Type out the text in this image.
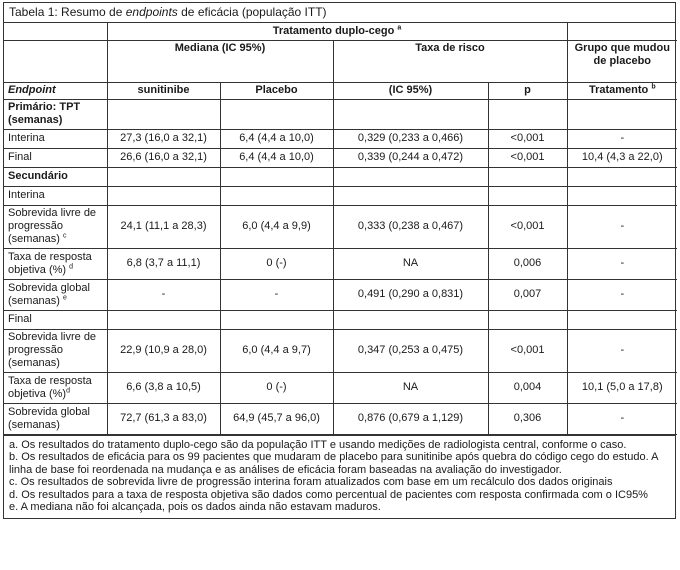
Tabela 1: Resumo de endpoints de eficácia (população ITT)
	Tratamento duplo-cego $^a$	
	Mediana (IC 95%)		Taxa de risco		Grupo que mudou de placebo
Endpoint	sunitinibe	Placebo	(IC 95%)	p	Tratamento $^b$
Primário: TPT (semanas)					
Interina	27,3 (16,0 a 32,1)	6,4 (4,4 a 10,0)	0,329 (0,233 a 0,466)	<0,001	-
Final	26,6 (16,0 a 32,1)	6,4 (4,4 a 10,0)	0,339 (0,244 a 0,472)	<0,001	10,4 (4,3 a 22,0)
Secundário					
Interina					
Sobrevida livre de progressão (semanas) $^c$	24,1 (11,1 a 28,3)	6,0 (4,4 a 9,9)	0,333 (0,238 a 0,467)	<0,001	-
Taxa de resposta objetiva (%) $^d$	6,8 (3,7 a 11,1)	0 (-)	NA	0,006	-
Sobrevida global (semanas) $^e$	-	-	0,491 (0,290 a 0,831)	0,007	-
Final					
Sobrevida livre de progressão (semanas)	22,9 (10,9 a 28,0)	6,0 (4,4 a 9,7)	0,347 (0,253 a 0,475)	<0,001	-
Taxa de resposta objetiva (%)$^d$	6,6 (3,8 a 10,5)	0 (-)	NA	0,004	10,1 (5,0 a 17,8)
Sobrevida global (semanas)	72,7 (61,3 a 83,0)	64,9 (45,7 a 96,0)	0,876 (0,679 a 1,129)	0,306	-
a. Os resultados do tratamento duplo-cego são da população ITT e usando medições de radiologista central, conforme o caso.
b. Os resultados de eficácia para os 99 pacientes que mudaram de placebo para sunitinibe após quebra do código cego do estudo. A linha de base foi reordenada na mudança e as análises de eficácia foram baseadas na avaliação do investigador.
c. Os resultados de sobrevida livre de progressão interina foram atualizados com base em um recálculo dos dados originais
d. Os resultados para a taxa de resposta objetiva são dados como percentual de pacientes com resposta confirmada com o IC95%
e. A mediana não foi alcançada, pois os dados ainda não estavam maduros.
